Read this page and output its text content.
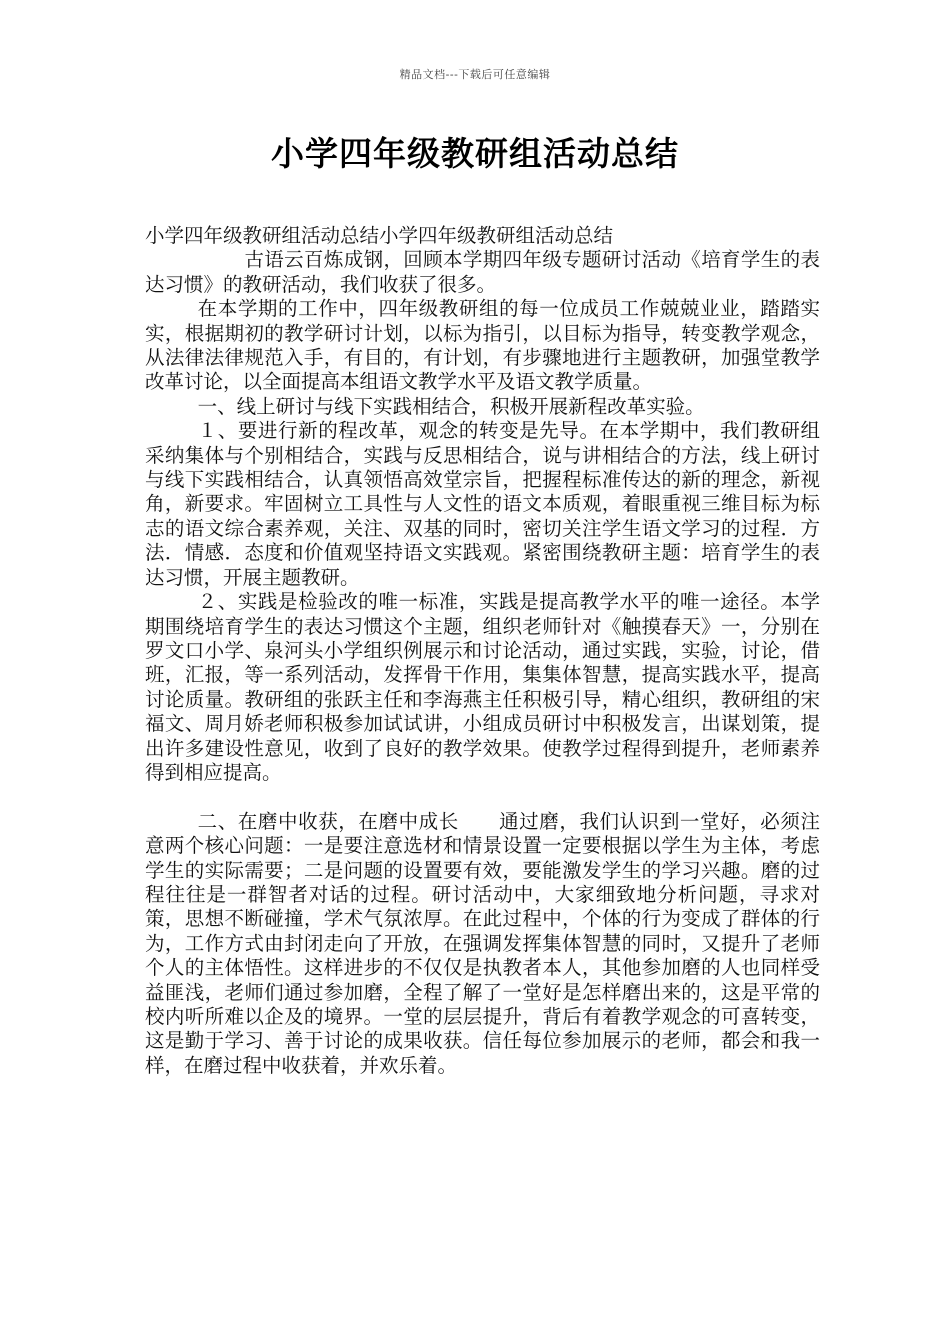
精品文档---下载后可任意编辑
小学四年级教研组活动总结

小学四年级教研组活动总结小学四年级教研组活动总结

古语云百炼成钢，回顾本学期四年级专题研讨活动《培育学生的表达习惯》的教研活动，我们收获了很多。

在本学期的工作中，四年级教研组的每一位成员工作兢兢业业，踏踏实实，根据期初的教学研讨计划，以标为指引，以目标为指导，转变教学观念，从法律法律规范入手，有目的，有计划，有步骤地进行主题教研，加强堂教学改革讨论，以全面提高本组语文教学水平及语文教学质量。

一、线上研讨与线下实践相结合，积极开展新程改革实验。

１、要进行新的程改革，观念的转变是先导。在本学期中，我们教研组采纳集体与个别相结合，实践与反思相结合，说与讲相结合的方法，线上研讨与线下实践相结合，认真领悟高效堂宗旨，把握程标准传达的新的理念，新视角，新要求。牢固树立工具性与人文性的语文本质观，着眼重视三维目标为标志的语文综合素养观，关注、双基的同时，密切关注学生语文学习的过程．方法．情感．态度和价值观坚持语文实践观。紧密围绕教研主题：培育学生的表达习惯，开展主题教研。

２、实践是检验改的唯一标准，实践是提高教学水平的唯一途径。本学期围绕培育学生的表达习惯这个主题，组织老师针对《触摸春天》一，分别在罗文口小学、泉河头小学组织例展示和讨论活动，通过实践，实验，讨论，借班，汇报，等一系列活动，发挥骨干作用，集集体智慧，提高实践水平，提高讨论质量。教研组的张跃主任和李海燕主任积极引导，精心组织，教研组的宋福文、周月娇老师积极参加试试讲，小组成员研讨中积极发言，出谋划策，提出许多建设性意见，收到了良好的教学效果。使教学过程得到提升，老师素养得到相应提高。

二、在磨中收获，在磨中成长　　通过磨，我们认识到一堂好，必须注意两个核心问题：一是要注意选材和情景设置一定要根据以学生为主体，考虑学生的实际需要；二是问题的设置要有效，要能激发学生的学习兴趣。磨的过程往往是一群智者对话的过程。研讨活动中，大家细致地分析问题，寻求对策，思想不断碰撞，学术气氛浓厚。在此过程中，个体的行为变成了群体的行为，工作方式由封闭走向了开放，在强调发挥集体智慧的同时，又提升了老师个人的主体悟性。这样进步的不仅仅是执教者本人，其他参加磨的人也同样受益匪浅，老师们通过参加磨，全程了解了一堂好是怎样磨出来的，这是平常的校内听所难以企及的境界。一堂的层层提升，背后有着教学观念的可喜转变，这是勤于学习、善于讨论的成果收获。信任每位参加展示的老师，都会和我一样，在磨过程中收获着，并欢乐着。
